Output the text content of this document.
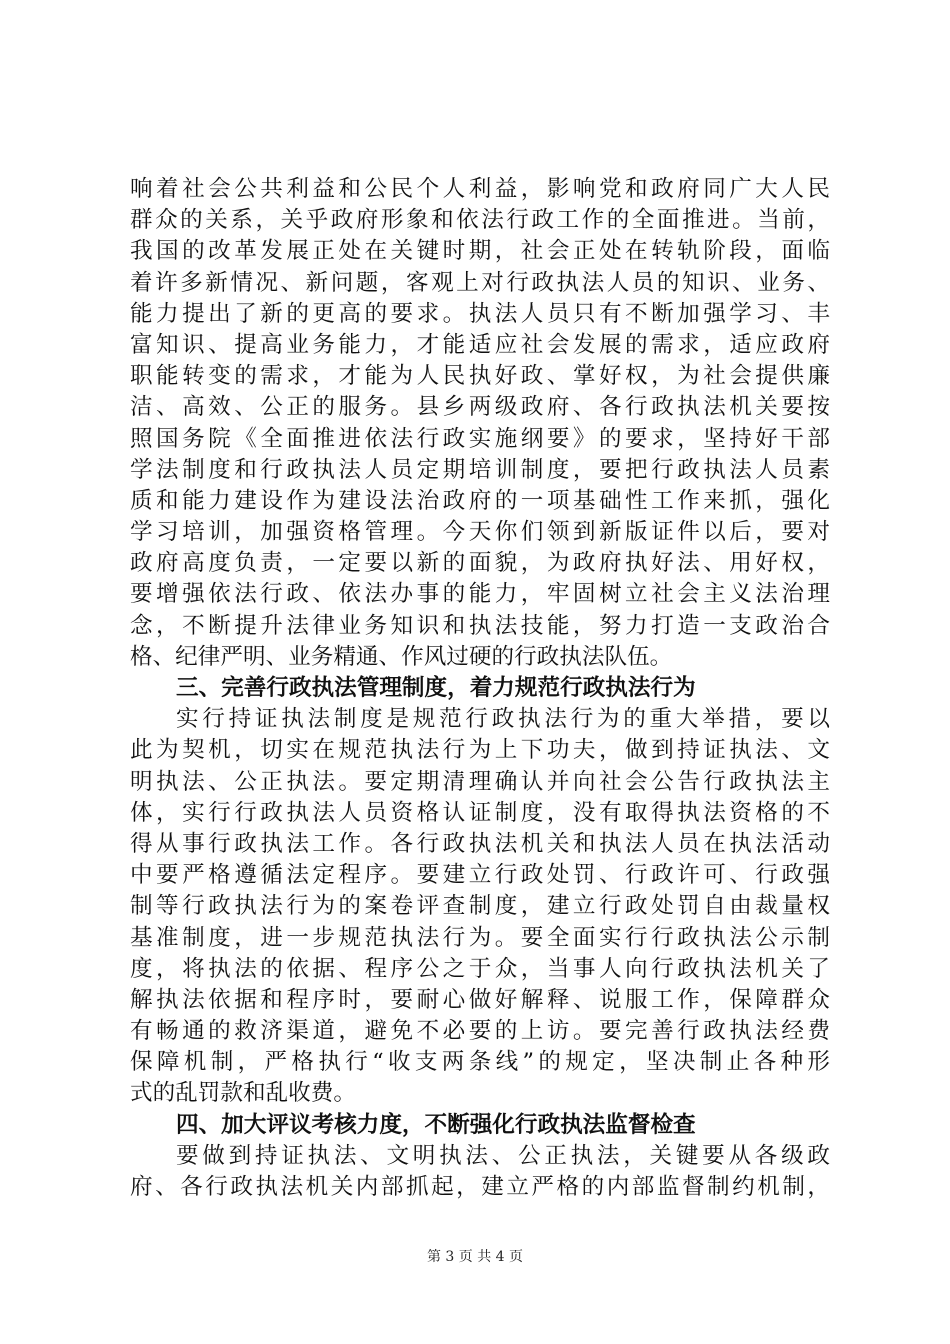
响着社会公共利益和公民个人利益，影响党和政府同广大人民
群众的关系，关乎政府形象和依法行政工作的全面推进。当前，
我国的改革发展正处在关键时期，社会正处在转轨阶段，面临
着许多新情况、新问题，客观上对行政执法人员的知识、业务、
能力提出了新的更高的要求。执法人员只有不断加强学习、丰
富知识、提高业务能力，才能适应社会发展的需求，适应政府
职能转变的需求，才能为人民执好政、掌好权，为社会提供廉
洁、高效、公正的服务。县乡两级政府、各行政执法机关要按
照国务院《全面推进依法行政实施纲要》的要求，坚持好干部
学法制度和行政执法人员定期培训制度，要把行政执法人员素
质和能力建设作为建设法治政府的一项基础性工作来抓，强化
学习培训，加强资格管理。今天你们领到新版证件以后，要对
政府高度负责，一定要以新的面貌，为政府执好法、用好权，
要增强依法行政、依法办事的能力，牢固树立社会主义法治理
念，不断提升法律业务知识和执法技能，努力打造一支政治合
格、纪律严明、业务精通、作风过硬的行政执法队伍。
三、完善行政执法管理制度，着力规范行政执法行为
实行持证执法制度是规范行政执法行为的重大举措，要以
此为契机，切实在规范执法行为上下功夫，做到持证执法、文
明执法、公正执法。要定期清理确认并向社会公告行政执法主
体，实行行政执法人员资格认证制度，没有取得执法资格的不
得从事行政执法工作。各行政执法机关和执法人员在执法活动
中要严格遵循法定程序。要建立行政处罚、行政许可、行政强
制等行政执法行为的案卷评查制度，建立行政处罚自由裁量权
基准制度，进一步规范执法行为。要全面实行行政执法公示制
度，将执法的依据、程序公之于众，当事人向行政执法机关了
解执法依据和程序时，要耐心做好解释、说服工作，保障群众
有畅通的救济渠道，避免不必要的上访。要完善行政执法经费
保障机制，严格执行“收支两条线”的规定，坚决制止各种形
式的乱罚款和乱收费。
四、加大评议考核力度，不断强化行政执法监督检查
要做到持证执法、文明执法、公正执法，关键要从各级政
府、各行政执法机关内部抓起，建立严格的内部监督制约机制，
第 3 页 共 4 页
